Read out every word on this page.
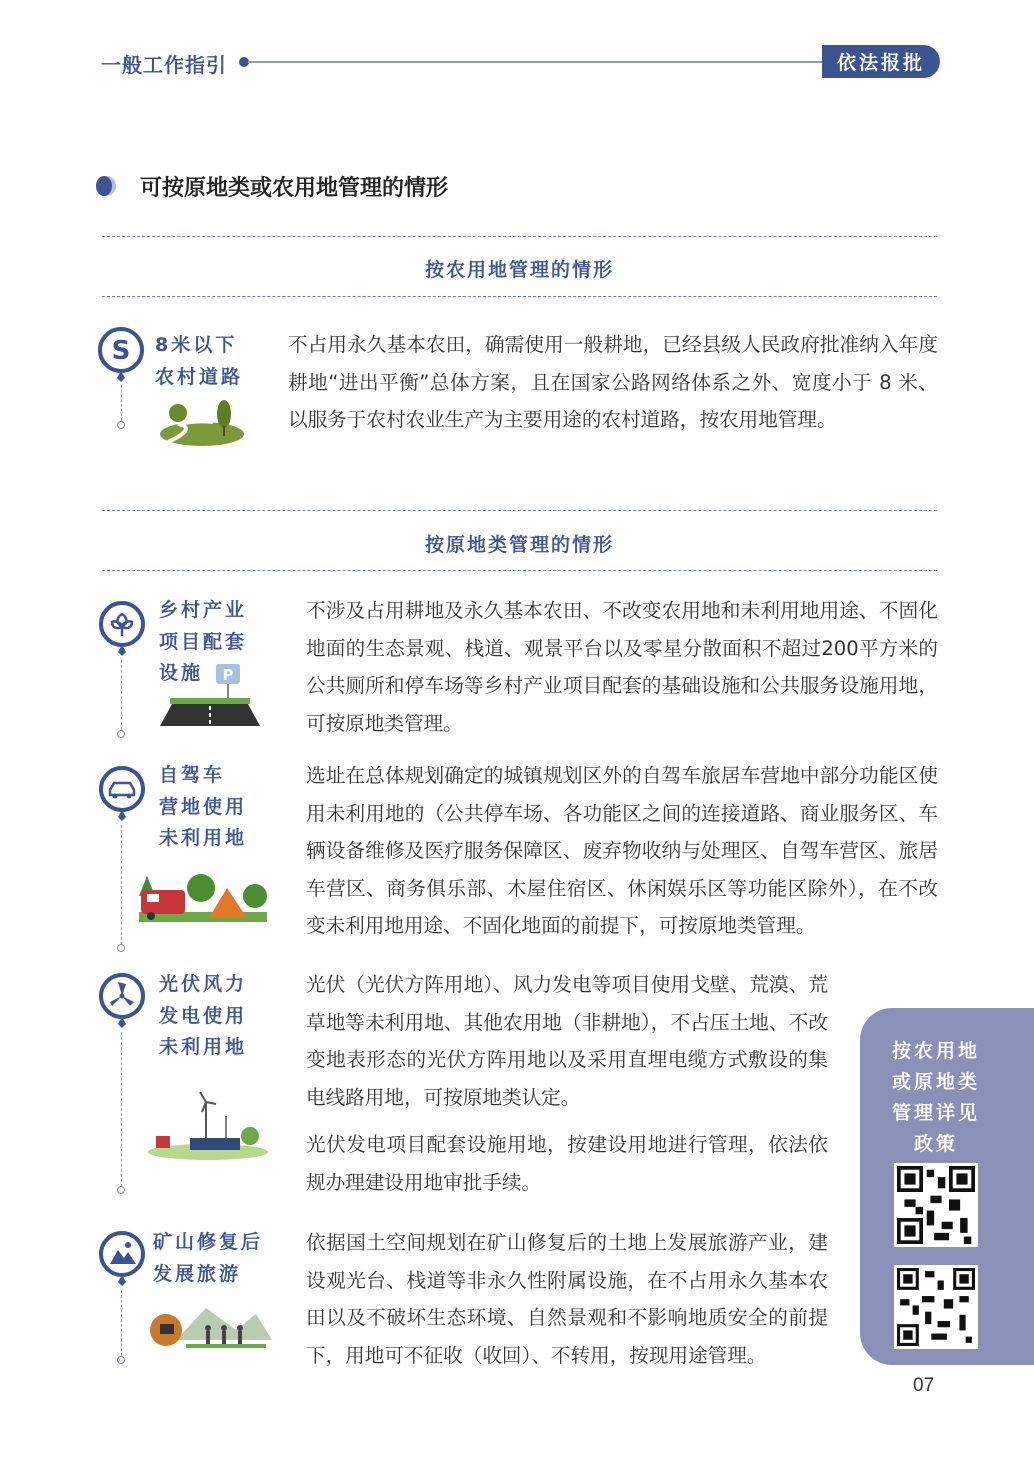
一般工作指引	依法报批
可按原地类或农用地管理的情形
按农用地管理的情形
S 8米以下
农村道路
不占用永久基本农田，确需使用一般耕地，已经县级人民政府批准纳入年度耕地“进出平衡”总体方案，且在国家公路网络体系之外、宽度小于 8 米、以服务于农村农业生产为主要用途的农村道路，按农用地管理。
按原地类管理的情形
乡村产业
项目配套
设施	P
不涉及占用耕地及永久基本农田、不改变农用地和未利用地用途、不固化地面的生态景观、栈道、观景平台以及零星分散面积不超过200平方米的公共厕所和停车场等乡村产业项目配套的基础设施和公共服务设施用地，可按原地类管理。
自驾车
营地使用
未利用地
选址在总体规划确定的城镇规划区外的自驾车旅居车营地中部分功能区使用未利用地的（公共停车场、各功能区之间的连接道路、商业服务区、车辆设备维修及医疗服务保障区、废弃物收纳与处理区、自驾车营区、旅居车营区、商务俱乐部、木屋住宿区、休闲娱乐区等功能区除外），在不改变未利用地用途、不固化地面的前提下，可按原地类管理。
光伏风力
发电使用
未利用地
光伏（光伏方阵用地）、风力发电等项目使用戈壁、荒漠、荒草地等未利用地、其他农用地（非耕地），不占压土地、不改变地表形态的光伏方阵用地以及采用直埋电缆方式敷设的集电线路用地，可按原地类认定。
光伏发电项目配套设施用地，按建设用地进行管理，依法依规办理建设用地审批手续。
矿山修复后
发展旅游
依据国土空间规划在矿山修复后的土地上发展旅游产业，建设观光台、栈道等非永久性附属设施，在不占用永久基本农田以及不破坏生态环境、自然景观和不影响地质安全的前提下，用地可不征收（收回）、不转用，按现用途管理。
按农用地
或原地类
管理详见
政策
07
